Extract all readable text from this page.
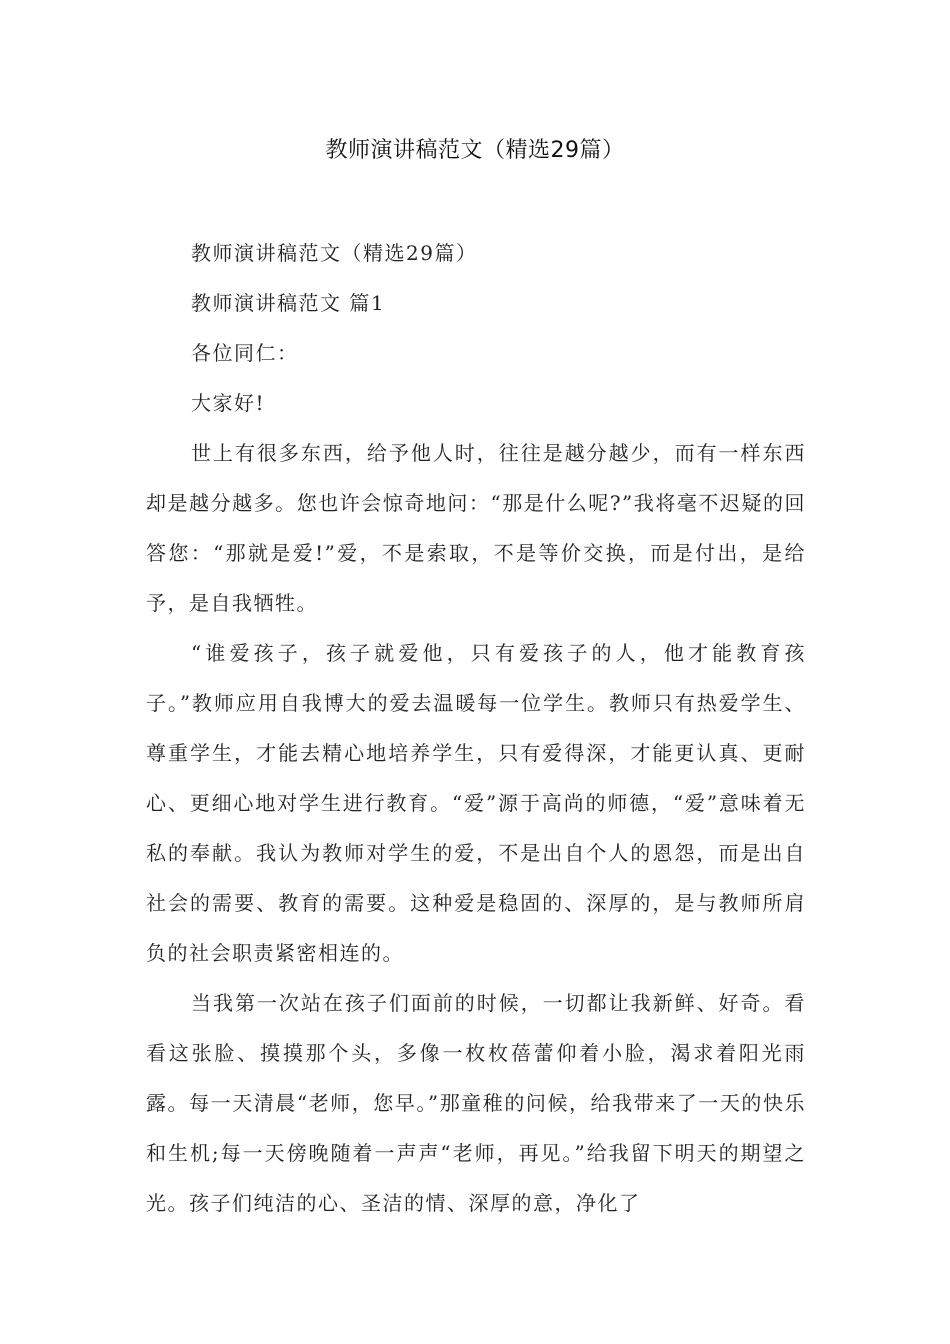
教师演讲稿范文（精选29篇）

教师演讲稿范文（精选29篇）

教师演讲稿范文 篇1

各位同仁：

大家好!

世上有很多东西，给予他人时，往往是越分越少，而有一样东西却是越分越多。您也许会惊奇地问：“那是什么呢?”我将毫不迟疑的回答您：“那就是爱!”爱，不是索取，不是等价交换，而是付出，是给予，是自我牺牲。

“谁爱孩子，孩子就爱他，只有爱孩子的人，他才能教育孩子。”教师应用自我博大的爱去温暖每一位学生。教师只有热爱学生、尊重学生，才能去精心地培养学生，只有爱得深，才能更认真、更耐心、更细心地对学生进行教育。“爱”源于高尚的师德，“爱”意味着无私的奉献。我认为教师对学生的爱，不是出自个人的恩怨，而是出自社会的需要、教育的需要。这种爱是稳固的、深厚的，是与教师所肩负的社会职责紧密相连的。

当我第一次站在孩子们面前的时候，一切都让我新鲜、好奇。看看这张脸、摸摸那个头，多像一枚枚蓓蕾仰着小脸，渴求着阳光雨露。每一天清晨“老师，您早。”那童稚的问候，给我带来了一天的快乐和生机;每一天傍晚随着一声声“老师，再见。”给我留下明天的期望之光。孩子们纯洁的心、圣洁的情、深厚的意，净化了
